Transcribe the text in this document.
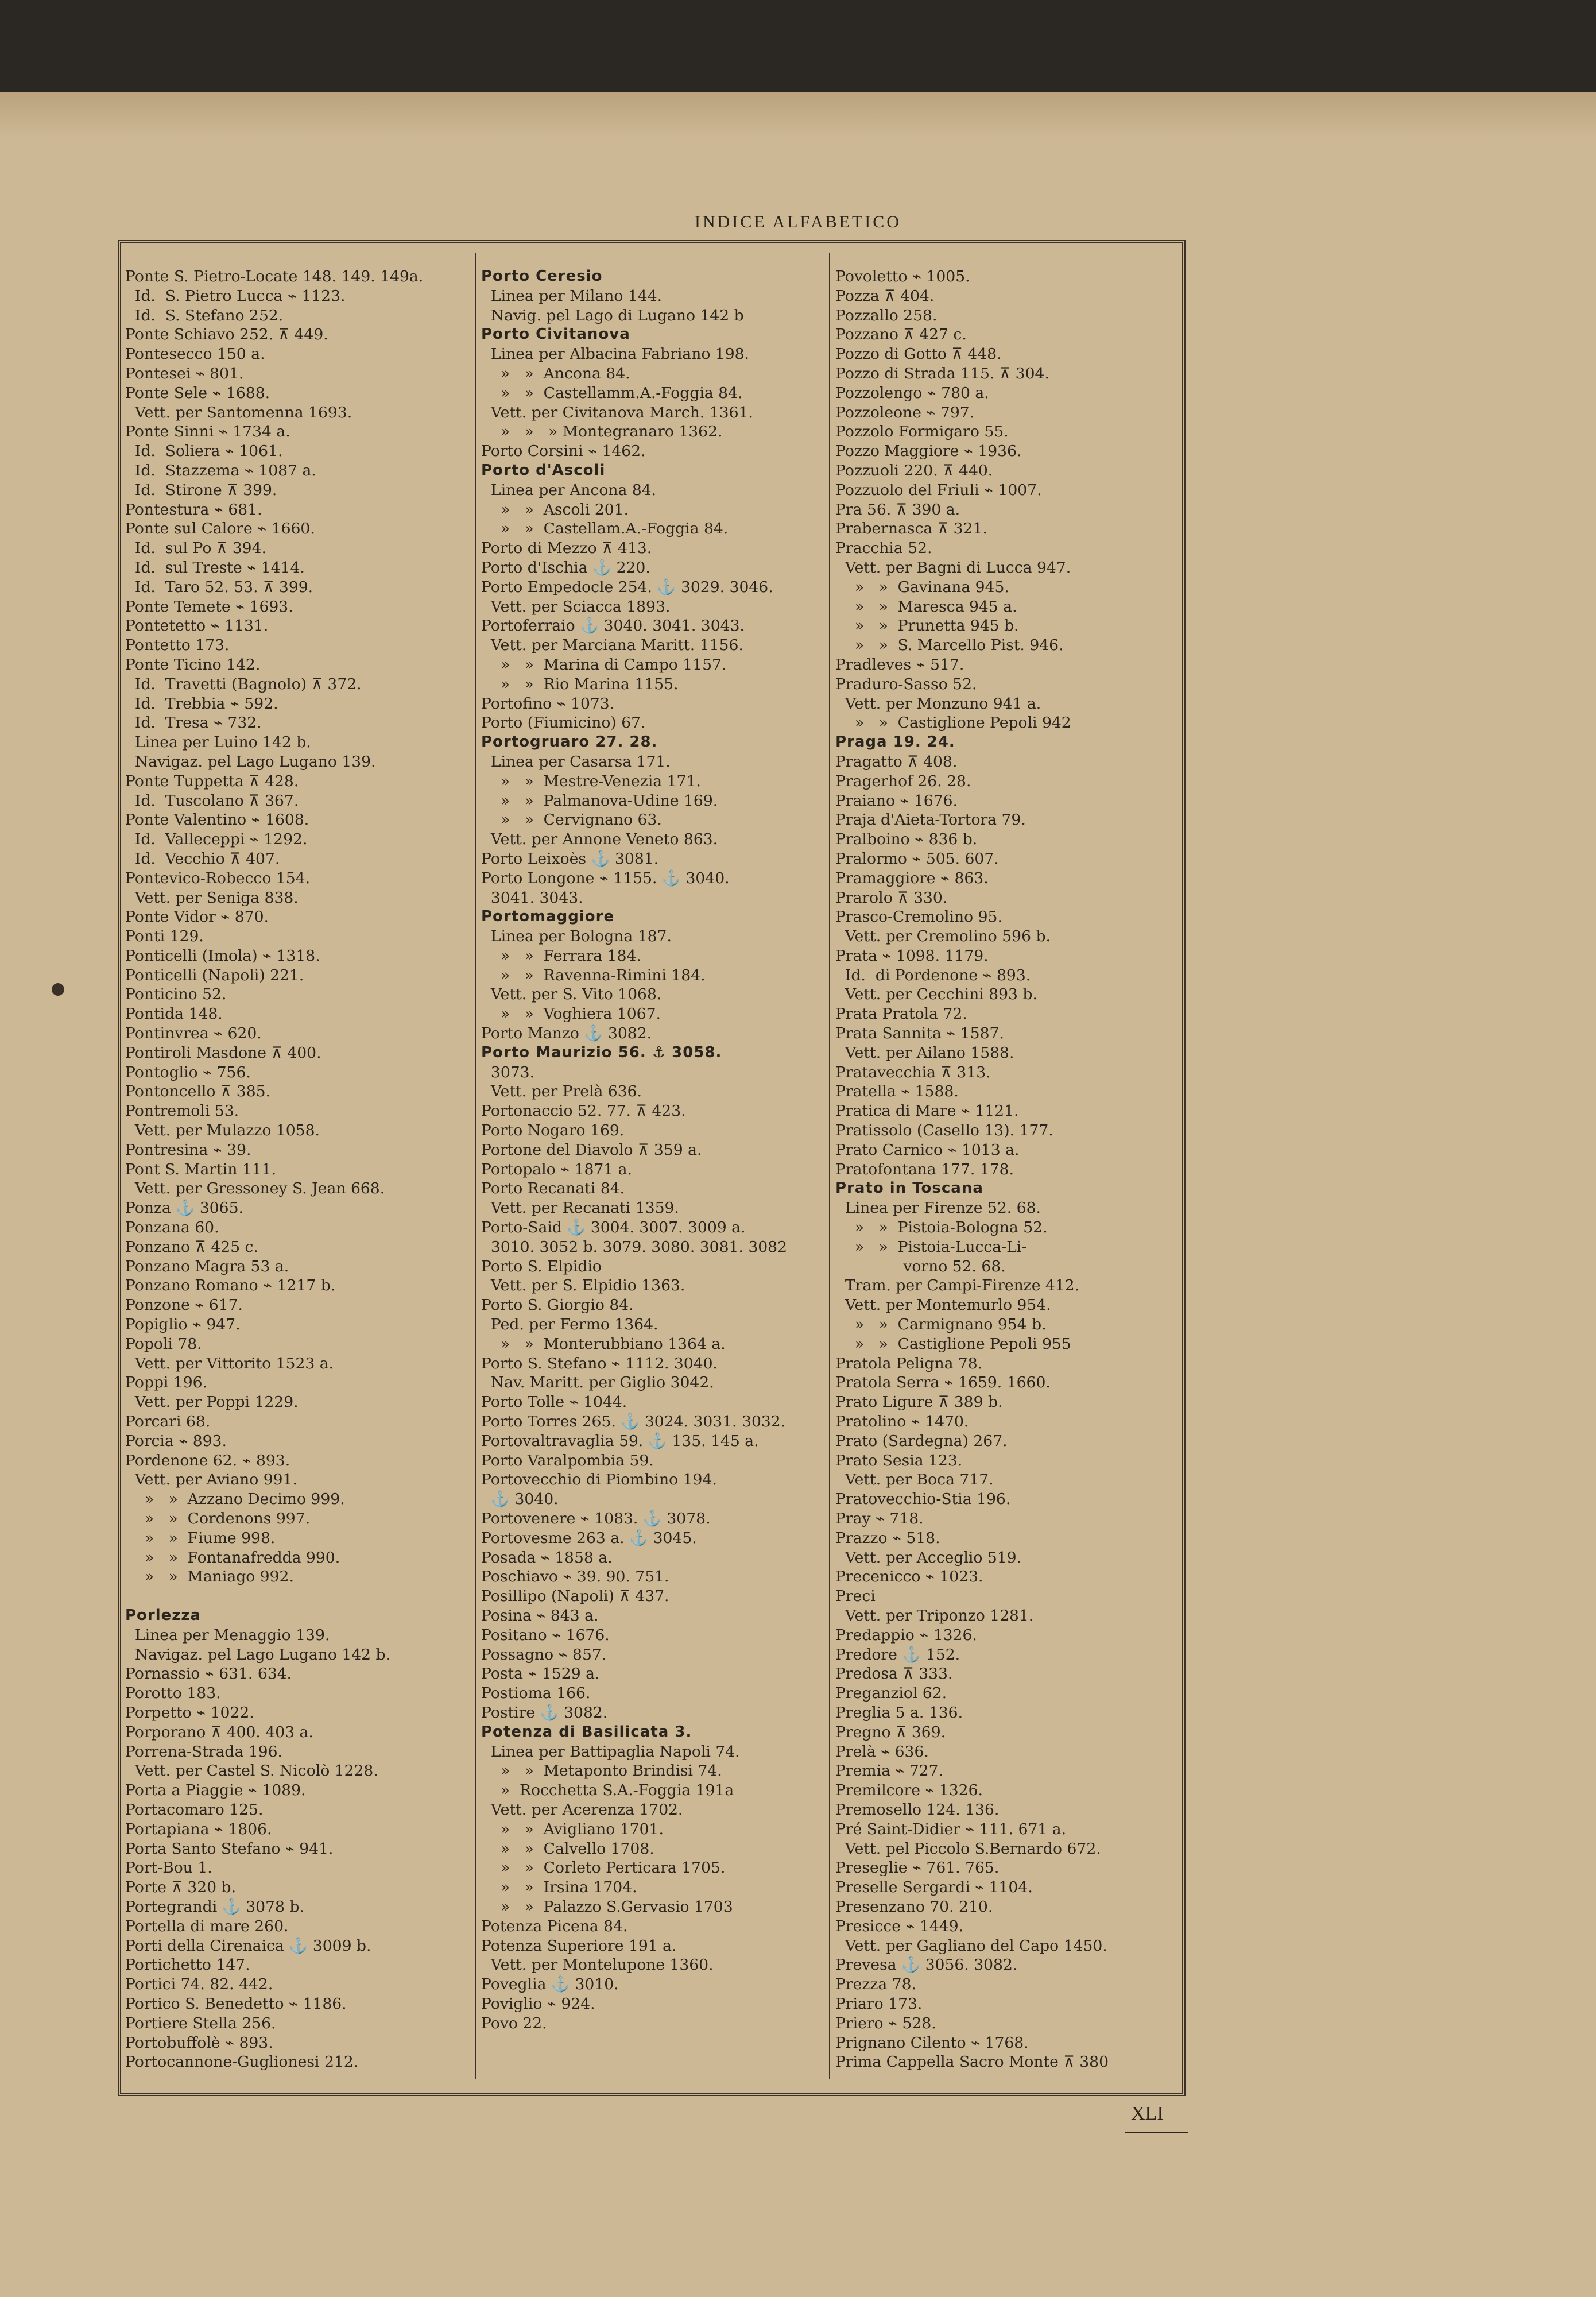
INDICE ALFABETICO
Ponte S. Pietro-Locate 148. 149. 149a.
Id.  S. Pietro Lucca ⌁ 1123.
Id.  S. Stefano 252.
Ponte Schiavo 252. ⊼ 449.
Pontesecco 150 a.
Pontesei ⌁ 801.
Ponte Sele ⌁ 1688.
Vett. per Santomenna 1693.
Ponte Sinni ⌁ 1734 a.
Id.  Soliera ⌁ 1061.
Id.  Stazzema ⌁ 1087 a.
Id.  Stirone ⊼ 399.
Pontestura ⌁ 681.
Ponte sul Calore ⌁ 1660.
Id.  sul Po ⊼ 394.
Id.  sul Treste ⌁ 1414.
Id.  Taro 52. 53. ⊼ 399.
Ponte Temete ⌁ 1693.
Pontetetto ⌁ 1131.
Pontetto 173.
Ponte Ticino 142.
Id.  Travetti (Bagnolo) ⊼ 372.
Id.  Trebbia ⌁ 592.
Id.  Tresa ⌁ 732.
Linea per Luino 142 b.
Navigaz. pel Lago Lugano 139.
Ponte Tuppetta ⊼ 428.
Id.  Tuscolano ⊼ 367.
Ponte Valentino ⌁ 1608.
Id.  Valleceppi ⌁ 1292.
Id.  Vecchio ⊼ 407.
Pontevico-Robecco 154.
Vett. per Seniga 838.
Ponte Vidor ⌁ 870.
Ponti 129.
Ponticelli (Imola) ⌁ 1318.
Ponticelli (Napoli) 221.
Ponticino 52.
Pontida 148.
Pontinvrea ⌁ 620.
Pontiroli Masdone ⊼ 400.
Pontoglio ⌁ 756.
Pontoncello ⊼ 385.
Pontremoli 53.
Vett. per Mulazzo 1058.
Pontresina ⌁ 39.
Pont S. Martin 111.
Vett. per Gressoney S. Jean 668.
Ponza ⚓ 3065.
Ponzana 60.
Ponzano ⊼ 425 c.
Ponzano Magra 53 a.
Ponzano Romano ⌁ 1217 b.
Ponzone ⌁ 617.
Popiglio ⌁ 947.
Popoli 78.
Vett. per Vittorito 1523 a.
Poppi 196.
Vett. per Poppi 1229.
Porcari 68.
Porcia ⌁ 893.
Pordenone 62. ⌁ 893.
Vett. per Aviano 991.
»   »  Azzano Decimo 999.
»   »  Cordenons 997.
»   »  Fiume 998.
»   »  Fontanafredda 990.
»   »  Maniago 992.
Porlezza
Linea per Menaggio 139.
Navigaz. pel Lago Lugano 142 b.
Pornassio ⌁ 631. 634.
Porotto 183.
Porpetto ⌁ 1022.
Porporano ⊼ 400. 403 a.
Porrena-Strada 196.
Vett. per Castel S. Nicolò 1228.
Porta a Piaggie ⌁ 1089.
Portacomaro 125.
Portapiana ⌁ 1806.
Porta Santo Stefano ⌁ 941.
Port-Bou 1.
Porte ⊼ 320 b.
Portegrandi ⚓ 3078 b.
Portella di mare 260.
Porti della Cirenaica ⚓ 3009 b.
Portichetto 147.
Portici 74. 82. 442.
Portico S. Benedetto ⌁ 1186.
Portiere Stella 256.
Portobuffolè ⌁ 893.
Portocannone-Guglionesi 212.
Porto Ceresio
Linea per Milano 144.
Navig. pel Lago di Lugano 142 b
Porto Civitanova
Linea per Albacina Fabriano 198.
»   »  Ancona 84.
»   »  Castellamm.A.-Foggia 84.
Vett. per Civitanova March. 1361.
»   »   » Montegranaro 1362.
Porto Corsini ⌁ 1462.
Porto d'Ascoli
Linea per Ancona 84.
»   »  Ascoli 201.
»   »  Castellam.A.-Foggia 84.
Porto di Mezzo ⊼ 413.
Porto d'Ischia ⚓ 220.
Porto Empedocle 254. ⚓ 3029. 3046.
Vett. per Sciacca 1893.
Portoferraio ⚓ 3040. 3041. 3043.
Vett. per Marciana Maritt. 1156.
»   »  Marina di Campo 1157.
»   »  Rio Marina 1155.
Portofino ⌁ 1073.
Porto (Fiumicino) 67.
Portogruaro 27. 28.
Linea per Casarsa 171.
»   »  Mestre-Venezia 171.
»   »  Palmanova-Udine 169.
»   »  Cervignano 63.
Vett. per Annone Veneto 863.
Porto Leixoès ⚓ 3081.
Porto Longone ⌁ 1155. ⚓ 3040.
3041. 3043.
Portomaggiore
Linea per Bologna 187.
»   »  Ferrara 184.
»   »  Ravenna-Rimini 184.
Vett. per S. Vito 1068.
»   »  Voghiera 1067.
Porto Manzo ⚓ 3082.
Porto Maurizio 56. ⚓ 3058.
3073.
Vett. per Prelà 636.
Portonaccio 52. 77. ⊼ 423.
Porto Nogaro 169.
Portone del Diavolo ⊼ 359 a.
Portopalo ⌁ 1871 a.
Porto Recanati 84.
Vett. per Recanati 1359.
Porto-Said ⚓ 3004. 3007. 3009 a.
3010. 3052 b. 3079. 3080. 3081. 3082
Porto S. Elpidio
Vett. per S. Elpidio 1363.
Porto S. Giorgio 84.
Ped. per Fermo 1364.
»   »  Monterubbiano 1364 a.
Porto S. Stefano ⌁ 1112. 3040.
Nav. Maritt. per Giglio 3042.
Porto Tolle ⌁ 1044.
Porto Torres 265. ⚓ 3024. 3031. 3032.
Portovaltravaglia 59. ⚓ 135. 145 a.
Porto Varalpombia 59.
Portovecchio di Piombino 194.
⚓ 3040.
Portovenere ⌁ 1083. ⚓ 3078.
Portovesme 263 a. ⚓ 3045.
Posada ⌁ 1858 a.
Poschiavo ⌁ 39. 90. 751.
Posillipo (Napoli) ⊼ 437.
Posina ⌁ 843 a.
Positano ⌁ 1676.
Possagno ⌁ 857.
Posta ⌁ 1529 a.
Postioma 166.
Postire ⚓ 3082.
Potenza di Basilicata 3.
Linea per Battipaglia Napoli 74.
»   »  Metaponto Brindisi 74.
»  Rocchetta S.A.-Foggia 191a
Vett. per Acerenza 1702.
»   »  Avigliano 1701.
»   »  Calvello 1708.
»   »  Corleto Perticara 1705.
»   »  Irsina 1704.
»   »  Palazzo S.Gervasio 1703
Potenza Picena 84.
Potenza Superiore 191 a.
Vett. per Montelupone 1360.
Poveglia ⚓ 3010.
Poviglio ⌁ 924.
Povo 22.
Povoletto ⌁ 1005.
Pozza ⊼ 404.
Pozzallo 258.
Pozzano ⊼ 427 c.
Pozzo di Gotto ⊼ 448.
Pozzo di Strada 115. ⊼ 304.
Pozzolengo ⌁ 780 a.
Pozzoleone ⌁ 797.
Pozzolo Formigaro 55.
Pozzo Maggiore ⌁ 1936.
Pozzuoli 220. ⊼ 440.
Pozzuolo del Friuli ⌁ 1007.
Pra 56. ⊼ 390 a.
Prabernasca ⊼ 321.
Pracchia 52.
Vett. per Bagni di Lucca 947.
»   »  Gavinana 945.
»   »  Maresca 945 a.
»   »  Prunetta 945 b.
»   »  S. Marcello Pist. 946.
Pradleves ⌁ 517.
Praduro-Sasso 52.
Vett. per Monzuno 941 a.
»   »  Castiglione Pepoli 942
Praga 19. 24.
Pragatto ⊼ 408.
Pragerhof 26. 28.
Praiano ⌁ 1676.
Praja d'Aieta-Tortora 79.
Pralboino ⌁ 836 b.
Pralormo ⌁ 505. 607.
Pramaggiore ⌁ 863.
Prarolo ⊼ 330.
Prasco-Cremolino 95.
Vett. per Cremolino 596 b.
Prata ⌁ 1098. 1179.
Id.  di Pordenone ⌁ 893.
Vett. per Cecchini 893 b.
Prata Pratola 72.
Prata Sannita ⌁ 1587.
Vett. per Ailano 1588.
Pratavecchia ⊼ 313.
Pratella ⌁ 1588.
Pratica di Mare ⌁ 1121.
Pratissolo (Casello 13). 177.
Prato Carnico ⌁ 1013 a.
Pratofontana 177. 178.
Prato in Toscana
Linea per Firenze 52. 68.
»   »  Pistoia-Bologna 52.
»   »  Pistoia-Lucca-Li-
vorno 52. 68.
Tram. per Campi-Firenze 412.
Vett. per Montemurlo 954.
»   »  Carmignano 954 b.
»   »  Castiglione Pepoli 955
Pratola Peligna 78.
Pratola Serra ⌁ 1659. 1660.
Prato Ligure ⊼ 389 b.
Pratolino ⌁ 1470.
Prato (Sardegna) 267.
Prato Sesia 123.
Vett. per Boca 717.
Pratovecchio-Stia 196.
Pray ⌁ 718.
Prazzo ⌁ 518.
Vett. per Acceglio 519.
Precenicco ⌁ 1023.
Preci
Vett. per Triponzo 1281.
Predappio ⌁ 1326.
Predore ⚓ 152.
Predosa ⊼ 333.
Preganziol 62.
Preglia 5 a. 136.
Pregno ⊼ 369.
Prelà ⌁ 636.
Premia ⌁ 727.
Premilcore ⌁ 1326.
Premosello 124. 136.
Pré Saint-Didier ⌁ 111. 671 a.
Vett. pel Piccolo S.Bernardo 672.
Preseglie ⌁ 761. 765.
Preselle Sergardi ⌁ 1104.
Presenzano 70. 210.
Presicce ⌁ 1449.
Vett. per Gagliano del Capo 1450.
Prevesa ⚓ 3056. 3082.
Prezza 78.
Priaro 173.
Priero ⌁ 528.
Prignano Cilento ⌁ 1768.
Prima Cappella Sacro Monte ⊼ 380
XLI
